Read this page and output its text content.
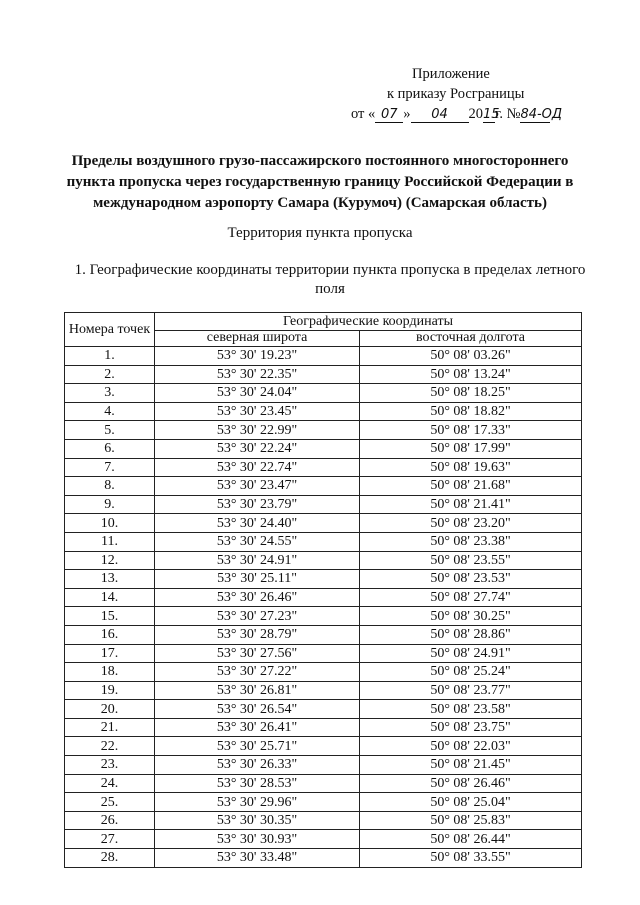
Приложение
к приказу Росграницы
от « 07 » 04 2015г. №84-ОД
Пределы воздушного грузо-пассажирского постоянного многостороннего пункта пропуска через государственную границу Российской Федерации в международном аэропорту Самара (Курумоч) (Самарская область)
Территория пункта пропуска
1. Географические координаты территории пункта пропуска в пределах летного поля
Номера точек	Географические координаты	
	северная широта	восточная долгота
1.	53° 30' 19.23"	50° 08' 03.26"
2.	53° 30' 22.35"	50° 08' 13.24"
3.	53° 30' 24.04"	50° 08' 18.25"
4.	53° 30' 23.45"	50° 08' 18.82"
5.	53° 30' 22.99"	50° 08' 17.33"
6.	53° 30' 22.24"	50° 08' 17.99"
7.	53° 30' 22.74"	50° 08' 19.63"
8.	53° 30' 23.47"	50° 08' 21.68"
9.	53° 30' 23.79"	50° 08' 21.41"
10.	53° 30' 24.40"	50° 08' 23.20"
11.	53° 30' 24.55"	50° 08' 23.38"
12.	53° 30' 24.91"	50° 08' 23.55"
13.	53° 30' 25.11"	50° 08' 23.53"
14.	53° 30' 26.46"	50° 08' 27.74"
15.	53° 30' 27.23"	50° 08' 30.25"
16.	53° 30' 28.79"	50° 08' 28.86"
17.	53° 30' 27.56"	50° 08' 24.91"
18.	53° 30' 27.22"	50° 08' 25.24"
19.	53° 30' 26.81"	50° 08' 23.77"
20.	53° 30' 26.54"	50° 08' 23.58"
21.	53° 30' 26.41"	50° 08' 23.75"
22.	53° 30' 25.71"	50° 08' 22.03"
23.	53° 30' 26.33"	50° 08' 21.45"
24.	53° 30' 28.53"	50° 08' 26.46"
25.	53° 30' 29.96"	50° 08' 25.04"
26.	53° 30' 30.35"	50° 08' 25.83"
27.	53° 30' 30.93"	50° 08' 26.44"
28.	53° 30' 33.48"	50° 08' 33.55"
